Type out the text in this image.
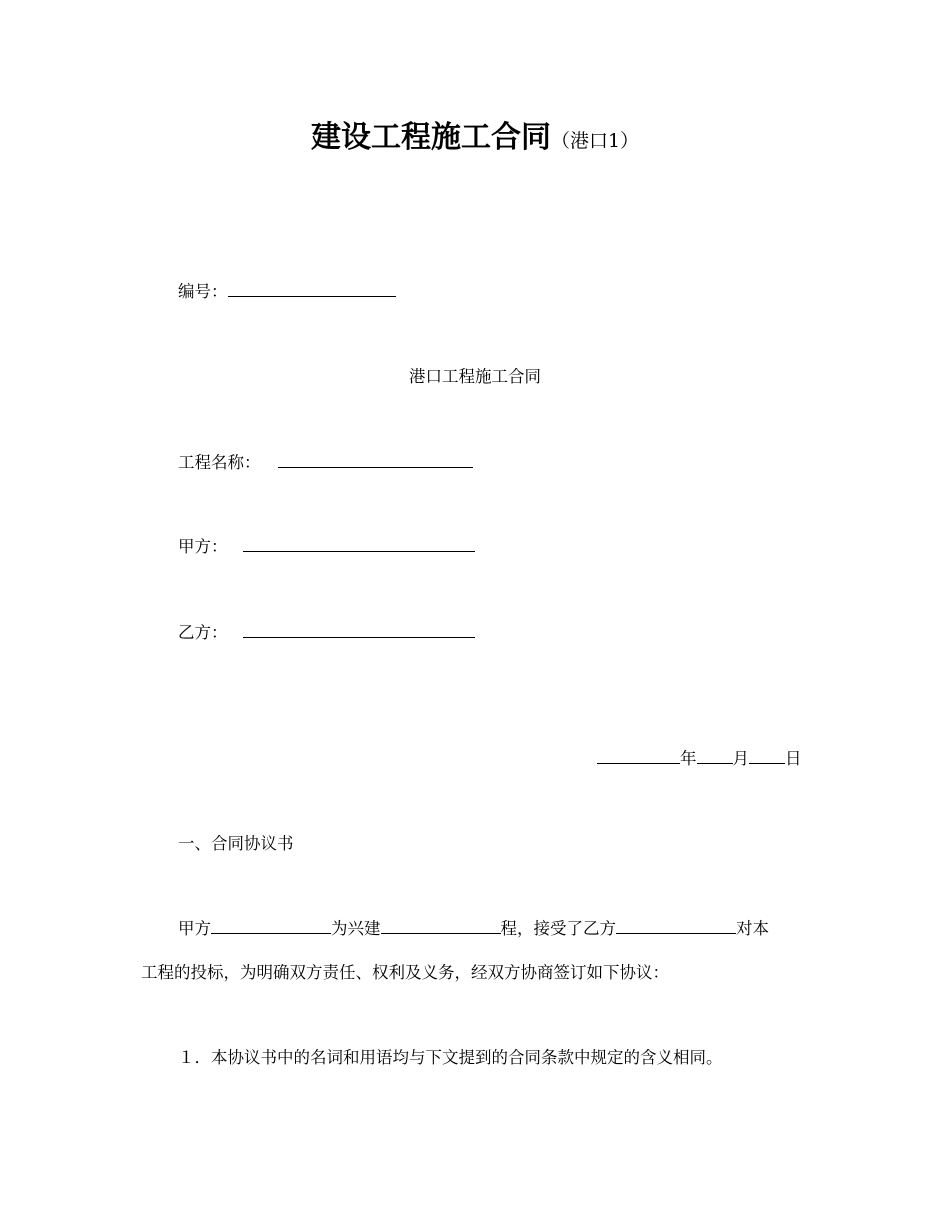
建设工程施工合同（港口1）
编号：
港口工程施工合同
工程名称：
甲方：
乙方：
年 月 日
一、合同协议书
甲方	为兴建	程，接受了乙方	对本
工程的投标，为明确双方责任、权利及义务，经双方协商签订如下协议：
１．本协议书中的名词和用语均与下文提到的合同条款中规定的含义相同。
